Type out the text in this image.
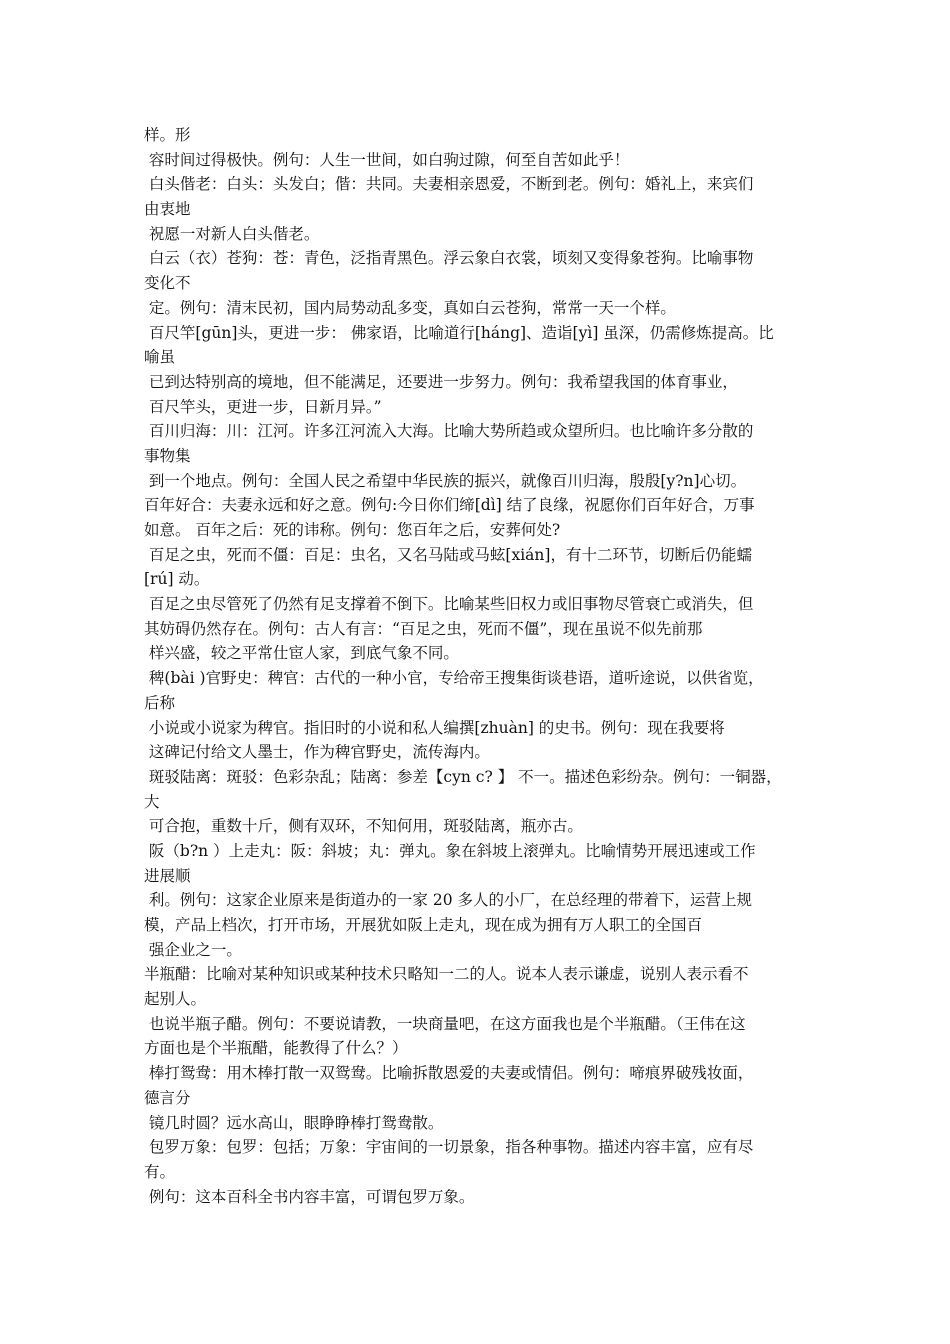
样。形
容时间过得极快。例句：人生一世间，如白驹过隙，何至自苦如此乎！
白头偕老：白头：头发白；偕：共同。夫妻相亲恩爱，不断到老。例句：婚礼上，来宾们
由衷地
祝愿一对新人白头偕老。
白云（衣）苍狗：苍：青色，泛指青黑色。浮云象白衣裳，顷刻又变得象苍狗。比喻事物
变化不
定。例句：清末民初，国内局势动乱多变，真如白云苍狗，常常一天一个样。
百尺竿[gūn]头，更进一步： 佛家语，比喻道行[háng]、造诣[yì] 虽深，仍需修炼提高。比
喻虽
已到达特别高的境地，但不能满足，还要进一步努力。例句：我希望我国的体育事业，
百尺竿头，更进一步，日新月异。”
百川归海：川：江河。许多江河流入大海。比喻大势所趋或众望所归。也比喻许多分散的
事物集
到一个地点。例句：全国人民之希望中华民族的振兴，就像百川归海，殷殷[y?n]心切。
百年好合：夫妻永远和好之意。例句:今日你们缔[dì] 结了良缘，祝愿你们百年好合，万事
如意。 百年之后：死的讳称。例句：您百年之后，安葬何处?
百足之虫，死而不僵：百足：虫名，又名马陆或马蚿[xián]，有十二环节，切断后仍能蠕
[rú] 动。
百足之虫尽管死了仍然有足支撑着不倒下。比喻某些旧权力或旧事物尽管衰亡或消失，但
其妨碍仍然存在。例句：古人有言：“百足之虫，死而不僵”，现在虽说不似先前那
样兴盛，较之平常仕宦人家，到底气象不同。
稗(bài )官野史：稗官：古代的一种小官，专给帝王搜集街谈巷语，道听途说，以供省览，
后称
小说或小说家为稗官。指旧时的小说和私人编撰[zhuàn] 的史书。例句：现在我要将
这碑记付给文人墨士，作为稗官野史，流传海内。
斑驳陆离：斑驳：色彩杂乱；陆离：参差【cyn c? 】 不一。描述色彩纷杂。例句：一铜器，
大
可合抱，重数十斤，侧有双环，不知何用，斑驳陆离，瓶亦古。
阪（b?n ）上走丸：阪：斜坡；丸：弹丸。象在斜坡上滚弹丸。比喻情势开展迅速或工作
进展顺
利。例句：这家企业原来是街道办的一家 20 多人的小厂，在总经理的带着下，运营上规
模，产品上档次，打开市场，开展犹如阪上走丸，现在成为拥有万人职工的全国百
强企业之一。
半瓶醋：比喻对某种知识或某种技术只略知一二的人。说本人表示谦虚，说别人表示看不
起别人。
也说半瓶子醋。例句：不要说请教，一块商量吧，在这方面我也是个半瓶醋。（王伟在这
方面也是个半瓶醋，能教得了什么？）
棒打鸳鸯：用木棒打散一双鸳鸯。比喻拆散恩爱的夫妻或情侣。例句：啼痕界破残妆面，
德言分
镜几时圆？远水高山，眼睁睁棒打鸳鸯散。
包罗万象：包罗：包括；万象：宇宙间的一切景象，指各种事物。描述内容丰富，应有尽
有。
例句：这本百科全书内容丰富，可谓包罗万象。
